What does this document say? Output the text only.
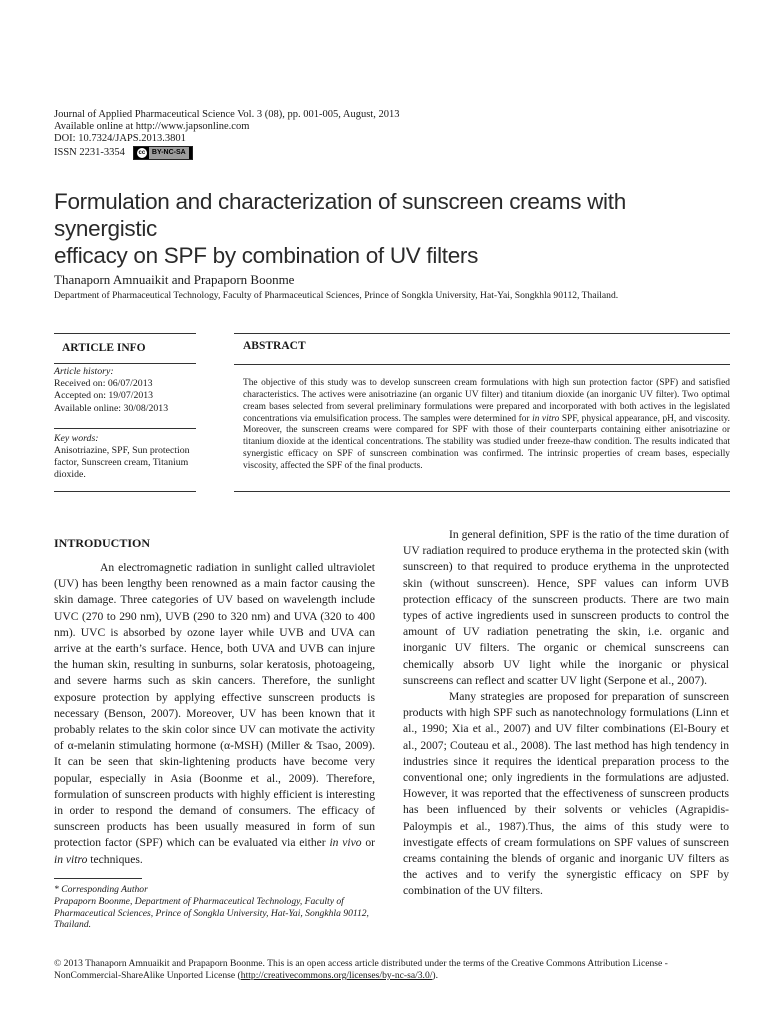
Journal of Applied Pharmaceutical Science Vol. 3 (08), pp. 001-005, August, 2013
Available online at http://www.japsonline.com
DOI: 10.7324/JAPS.2013.3801
ISSN 2231-3354 cc BY-NC-SA
Formulation and characterization of sunscreen creams with synergistic
efficacy on SPF by combination of UV filters
Thanaporn Amnuaikit and Prapaporn Boonme
Department of Pharmaceutical Technology, Faculty of Pharmaceutical Sciences, Prince of Songkla University, Hat-Yai, Songkhla 90112, Thailand.
ARTICLE INFO	ABSTRACT
Article history:
Received on: 06/07/2013
Accepted on: 19/07/2013
Available online: 30/08/2013
Key words:
Anisotriazine, SPF, Sun protection factor, Sunscreen cream, Titanium dioxide.
The objective of this study was to develop sunscreen cream formulations with high sun protection factor (SPF) and satisfied characteristics. The actives were anisotriazine (an organic UV filter) and titanium dioxide (an inorganic UV filter). Two optimal cream bases selected from several preliminary formulations were prepared and incorporated with both actives in the legislated concentrations via emulsification process. The samples were determined for in vitro SPF, physical appearance, pH, and viscosity. Moreover, the sunscreen creams were compared for SPF with those of their counterparts containing either anisotriazine or titanium dioxide at the identical concentrations. The stability was studied under freeze-thaw condition. The results indicated that synergistic efficacy on SPF of sunscreen combination was confirmed. The intrinsic properties of cream bases, especially viscosity, affected the SPF of the final products.
INTRODUCTION

An electromagnetic radiation in sunlight called ultraviolet (UV) has been lengthy been renowned as a main factor causing the skin damage. Three categories of UV based on wavelength include UVC (270 to 290 nm), UVB (290 to 320 nm) and UVA (320 to 400 nm). UVC is absorbed by ozone layer while UVB and UVA can arrive at the earth’s surface. Hence, both UVA and UVB can injure the human skin, resulting in sunburns, solar keratosis, photoageing, and severe harms such as skin cancers. Therefore, the sunlight exposure protection by applying effective sunscreen products is necessary (Benson, 2007). Moreover, UV has been known that it probably relates to the skin color since UV can motivate the activity of α-melanin stimulating hormone (α-MSH) (Miller & Tsao, 2009). It can be seen that skin-lightening products have become very popular, especially in Asia (Boonme et al., 2009). Therefore, formulation of sunscreen products with highly efficient is interesting in order to respond the demand of consumers. The efficacy of sunscreen products has been usually measured in form of sun protection factor (SPF) which can be evaluated via either in vivo or in vitro techniques.

In general definition, SPF is the ratio of the time duration of UV radiation required to produce erythema in the protected skin (with sunscreen) to that required to produce erythema in the unprotected skin (without sunscreen). Hence, SPF values can inform UVB protection efficacy of the sunscreen products. There are two main types of active ingredients used in sunscreen products to control the amount of UV radiation penetrating the skin, i.e. organic and inorganic UV filters. The organic or chemical sunscreens can chemically absorb UV light while the inorganic or physical sunscreens can reflect and scatter UV light (Serpone et al., 2007).

Many strategies are proposed for preparation of sunscreen products with high SPF such as nanotechnology formulations (Linn et al., 1990; Xia et al., 2007) and UV filter combinations (El-Boury et al., 2007; Couteau et al., 2008). The last method has high tendency in industries since it requires the identical preparation process to the conventional one; only ingredients in the formulations are adjusted. However, it was reported that the effectiveness of sunscreen products has been influenced by their solvents or vehicles (Agrapidis-Paloympis et al., 1987).Thus, the aims of this study were to investigate effects of cream formulations on SPF values of sunscreen creams containing the blends of organic and inorganic UV filters as the actives and to verify the synergistic efficacy on SPF by combination of the UV filters.

* Corresponding Author
Prapaporn Boonme, Department of Pharmaceutical Technology, Faculty of Pharmaceutical Sciences, Prince of Songkla University, Hat-Yai, Songkhla 90112, Thailand.
© 2013 Thanaporn Amnuaikit and Prapaporn Boonme. This is an open access article distributed under the terms of the Creative Commons Attribution License -NonCommercial-ShareAlike Unported License (http://creativecommons.org/licenses/by-nc-sa/3.0/).
